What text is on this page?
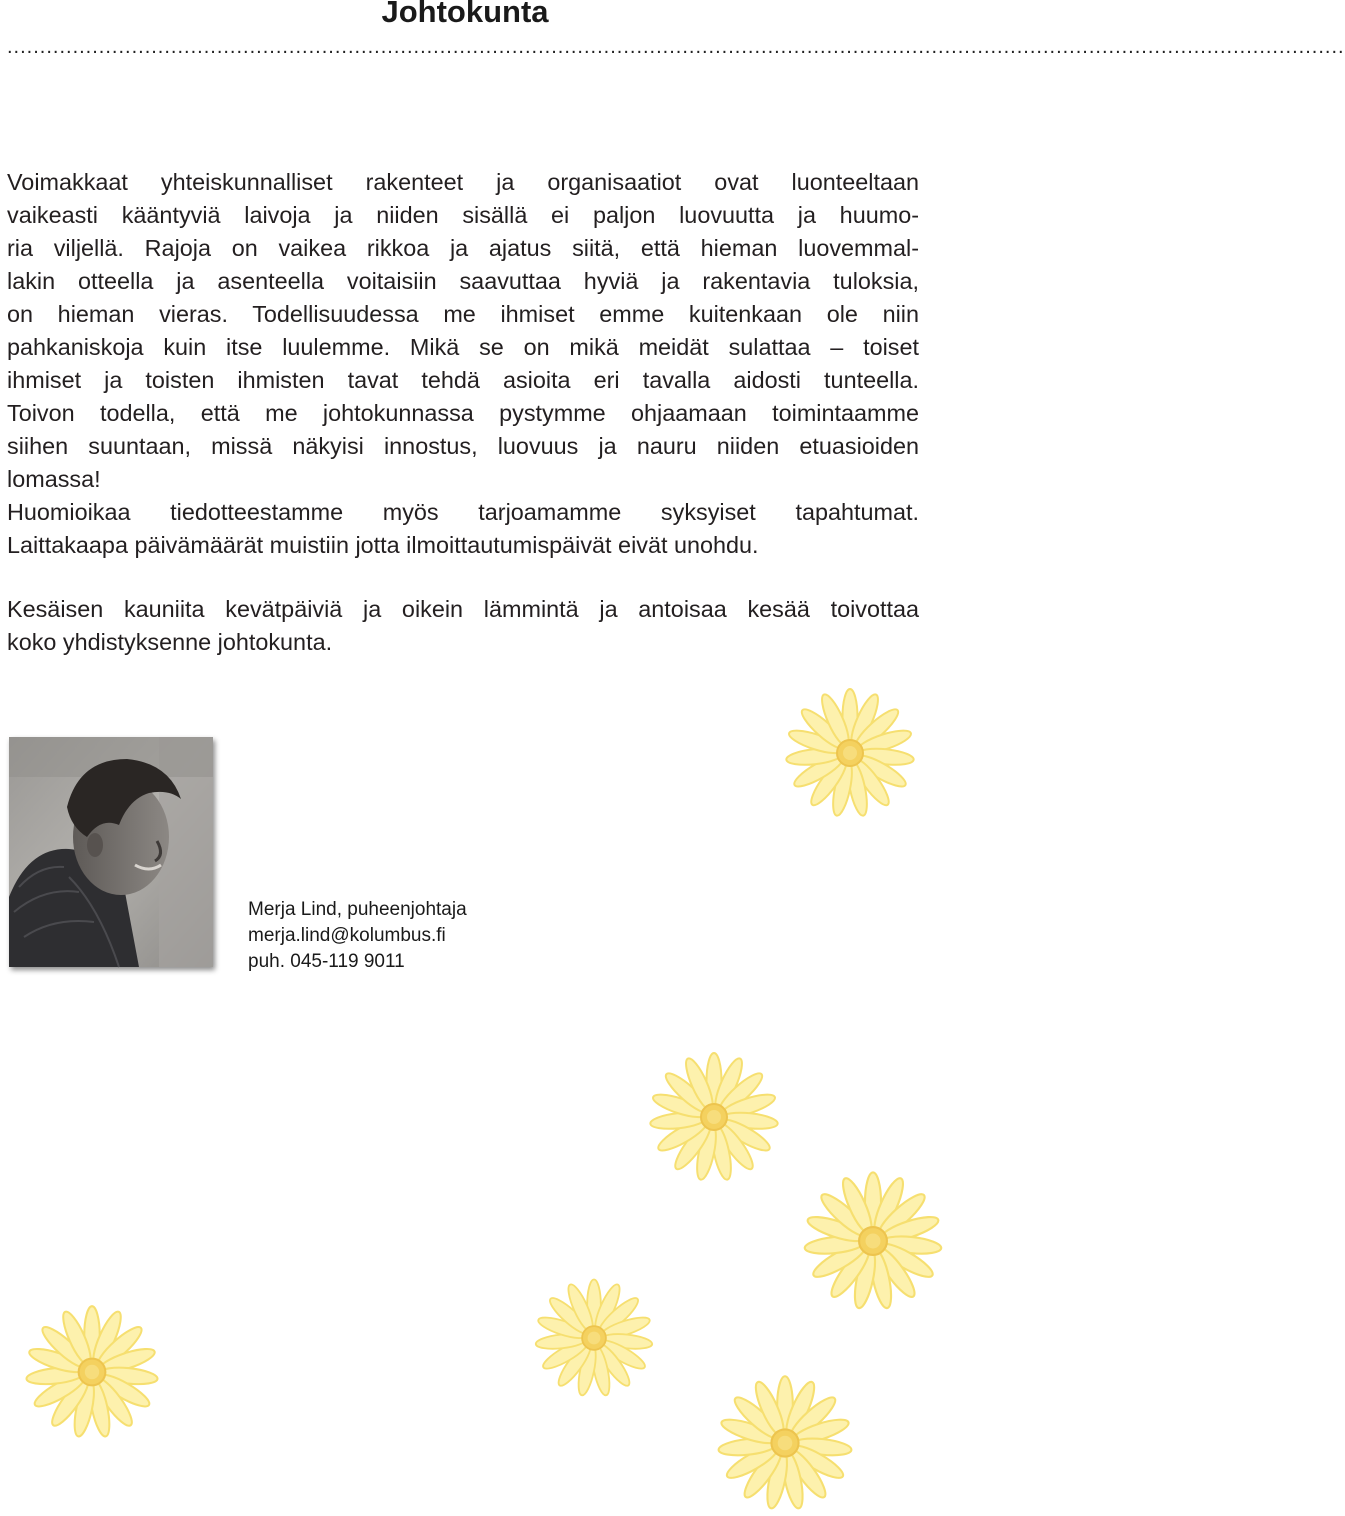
Johtokunta
............................................................................................................................................................................................................
Voimakkaat yhteiskunnalliset rakenteet ja organisaatiot ovat luonteeltaan
vaikeasti kääntyviä laivoja ja niiden sisällä ei paljon luovuutta ja huumo-
ria viljellä. Rajoja on vaikea rikkoa ja ajatus siitä, että hieman luovemmal-
lakin otteella ja asenteella voitaisiin saavuttaa hyviä ja rakentavia tuloksia,
on hieman vieras. Todellisuudessa me ihmiset emme kuitenkaan ole niin
pahkaniskoja kuin itse luulemme. Mikä se on mikä meidät sulattaa – toiset
ihmiset ja toisten ihmisten tavat tehdä asioita eri tavalla aidosti tunteella.
Toivon todella, että me johtokunnassa pystymme ohjaamaan toimintaamme
siihen suuntaan, missä näkyisi innostus, luovuus ja nauru niiden etuasioiden
lomassa!
Huomioikaa tiedotteestamme myös tarjoamamme syksyiset tapahtumat.
Laittakaapa päivämäärät muistiin jotta ilmoittautumispäivät eivät unohdu.
Kesäisen kauniita kevätpäiviä ja oikein lämmintä ja antoisaa kesää toivottaa
koko yhdistyksenne johtokunta.
Merja Lind, puheenjohtaja
merja.lind@kolumbus.fi
puh. 045-119 9011
